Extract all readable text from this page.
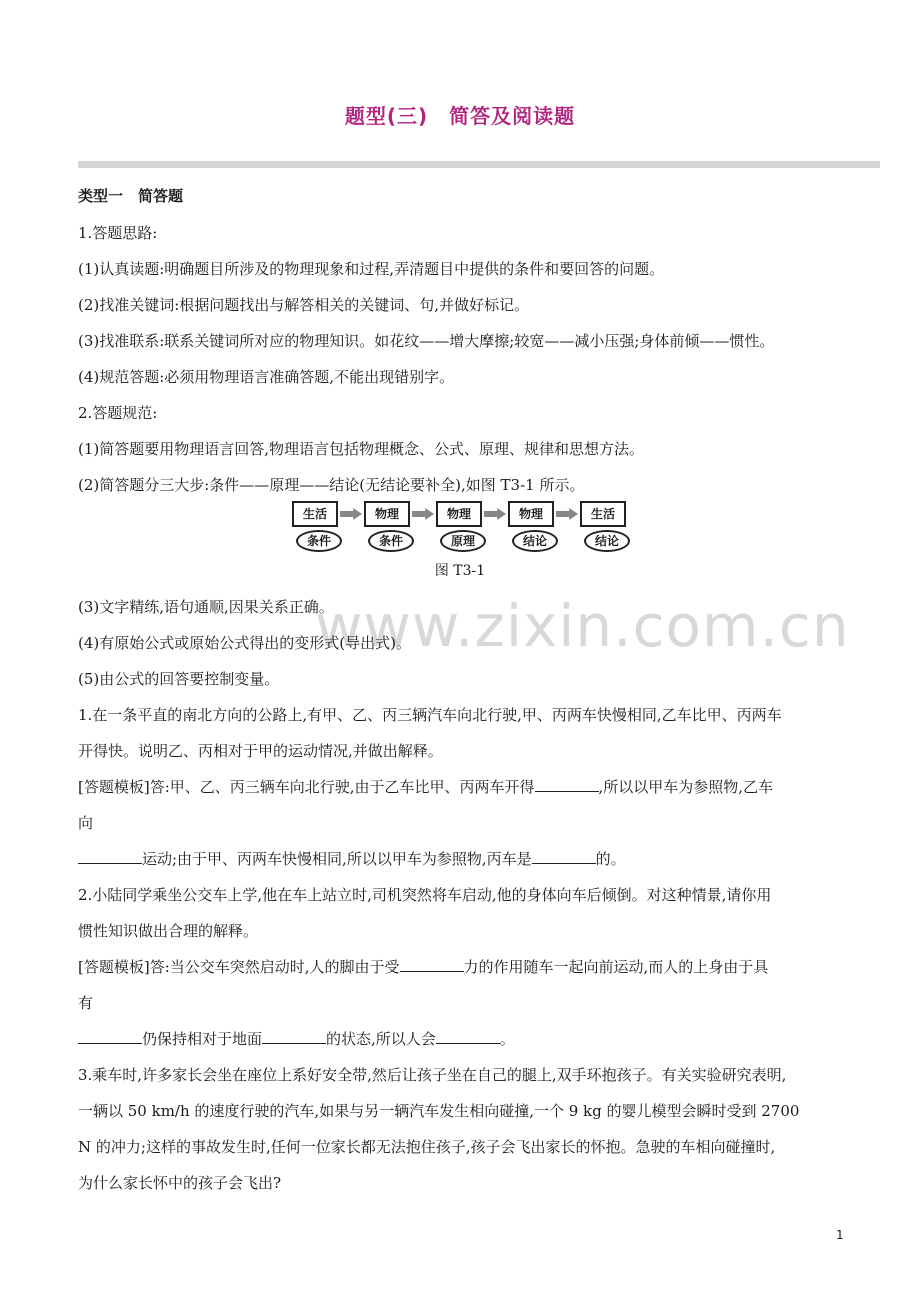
题型(三)　简答及阅读题
类型一　简答题
1.答题思路:
(1)认真读题:明确题目所涉及的物理现象和过程,弄清题目中提供的条件和要回答的问题。
(2)找准关键词:根据问题找出与解答相关的关键词、句,并做好标记。
(3)找准联系:联系关键词所对应的物理知识。如花纹——增大摩擦;较宽——减小压强;身体前倾——惯性。
(4)规范答题:必须用物理语言准确答题,不能出现错别字。
2.答题规范:
(1)简答题要用物理语言回答,物理语言包括物理概念、公式、原理、规律和思想方法。
(2)简答题分三大步:条件——原理——结论(无结论要补全),如图 T3-1 所示。
生活	物理	物理	物理	生活
条件	条件	原理	结论	结论
图 T3-1
www.zixin.com.cn
(3)文字精练,语句通顺,因果关系正确。
(4)有原始公式或原始公式得出的变形式(导出式)。
(5)由公式的回答要控制变量。
1.在一条平直的南北方向的公路上,有甲、乙、丙三辆汽车向北行驶,甲、丙两车快慢相同,乙车比甲、丙两车
开得快。说明乙、丙相对于甲的运动情况,并做出解释。
[答题模板]答:甲、乙、丙三辆车向北行驶,由于乙车比甲、丙两车开得	,所以以甲车为参照物,乙车
向
运动;由于甲、丙两车快慢相同,所以以甲车为参照物,丙车是	的。
2.小陆同学乘坐公交车上学,他在车上站立时,司机突然将车启动,他的身体向车后倾倒。对这种情景,请你用
惯性知识做出合理的解释。
[答题模板]答:当公交车突然启动时,人的脚由于受	力的作用随车一起向前运动,而人的上身由于具
有
仍保持相对于地面	的状态,所以人会	。
3.乘车时,许多家长会坐在座位上系好安全带,然后让孩子坐在自己的腿上,双手环抱孩子。有关实验研究表明,
一辆以 50 km/h 的速度行驶的汽车,如果与另一辆汽车发生相向碰撞,一个 9 kg 的婴儿模型会瞬时受到 2700
N 的冲力;这样的事故发生时,任何一位家长都无法抱住孩子,孩子会飞出家长的怀抱。急驶的车相向碰撞时,
为什么家长怀中的孩子会飞出?
1
